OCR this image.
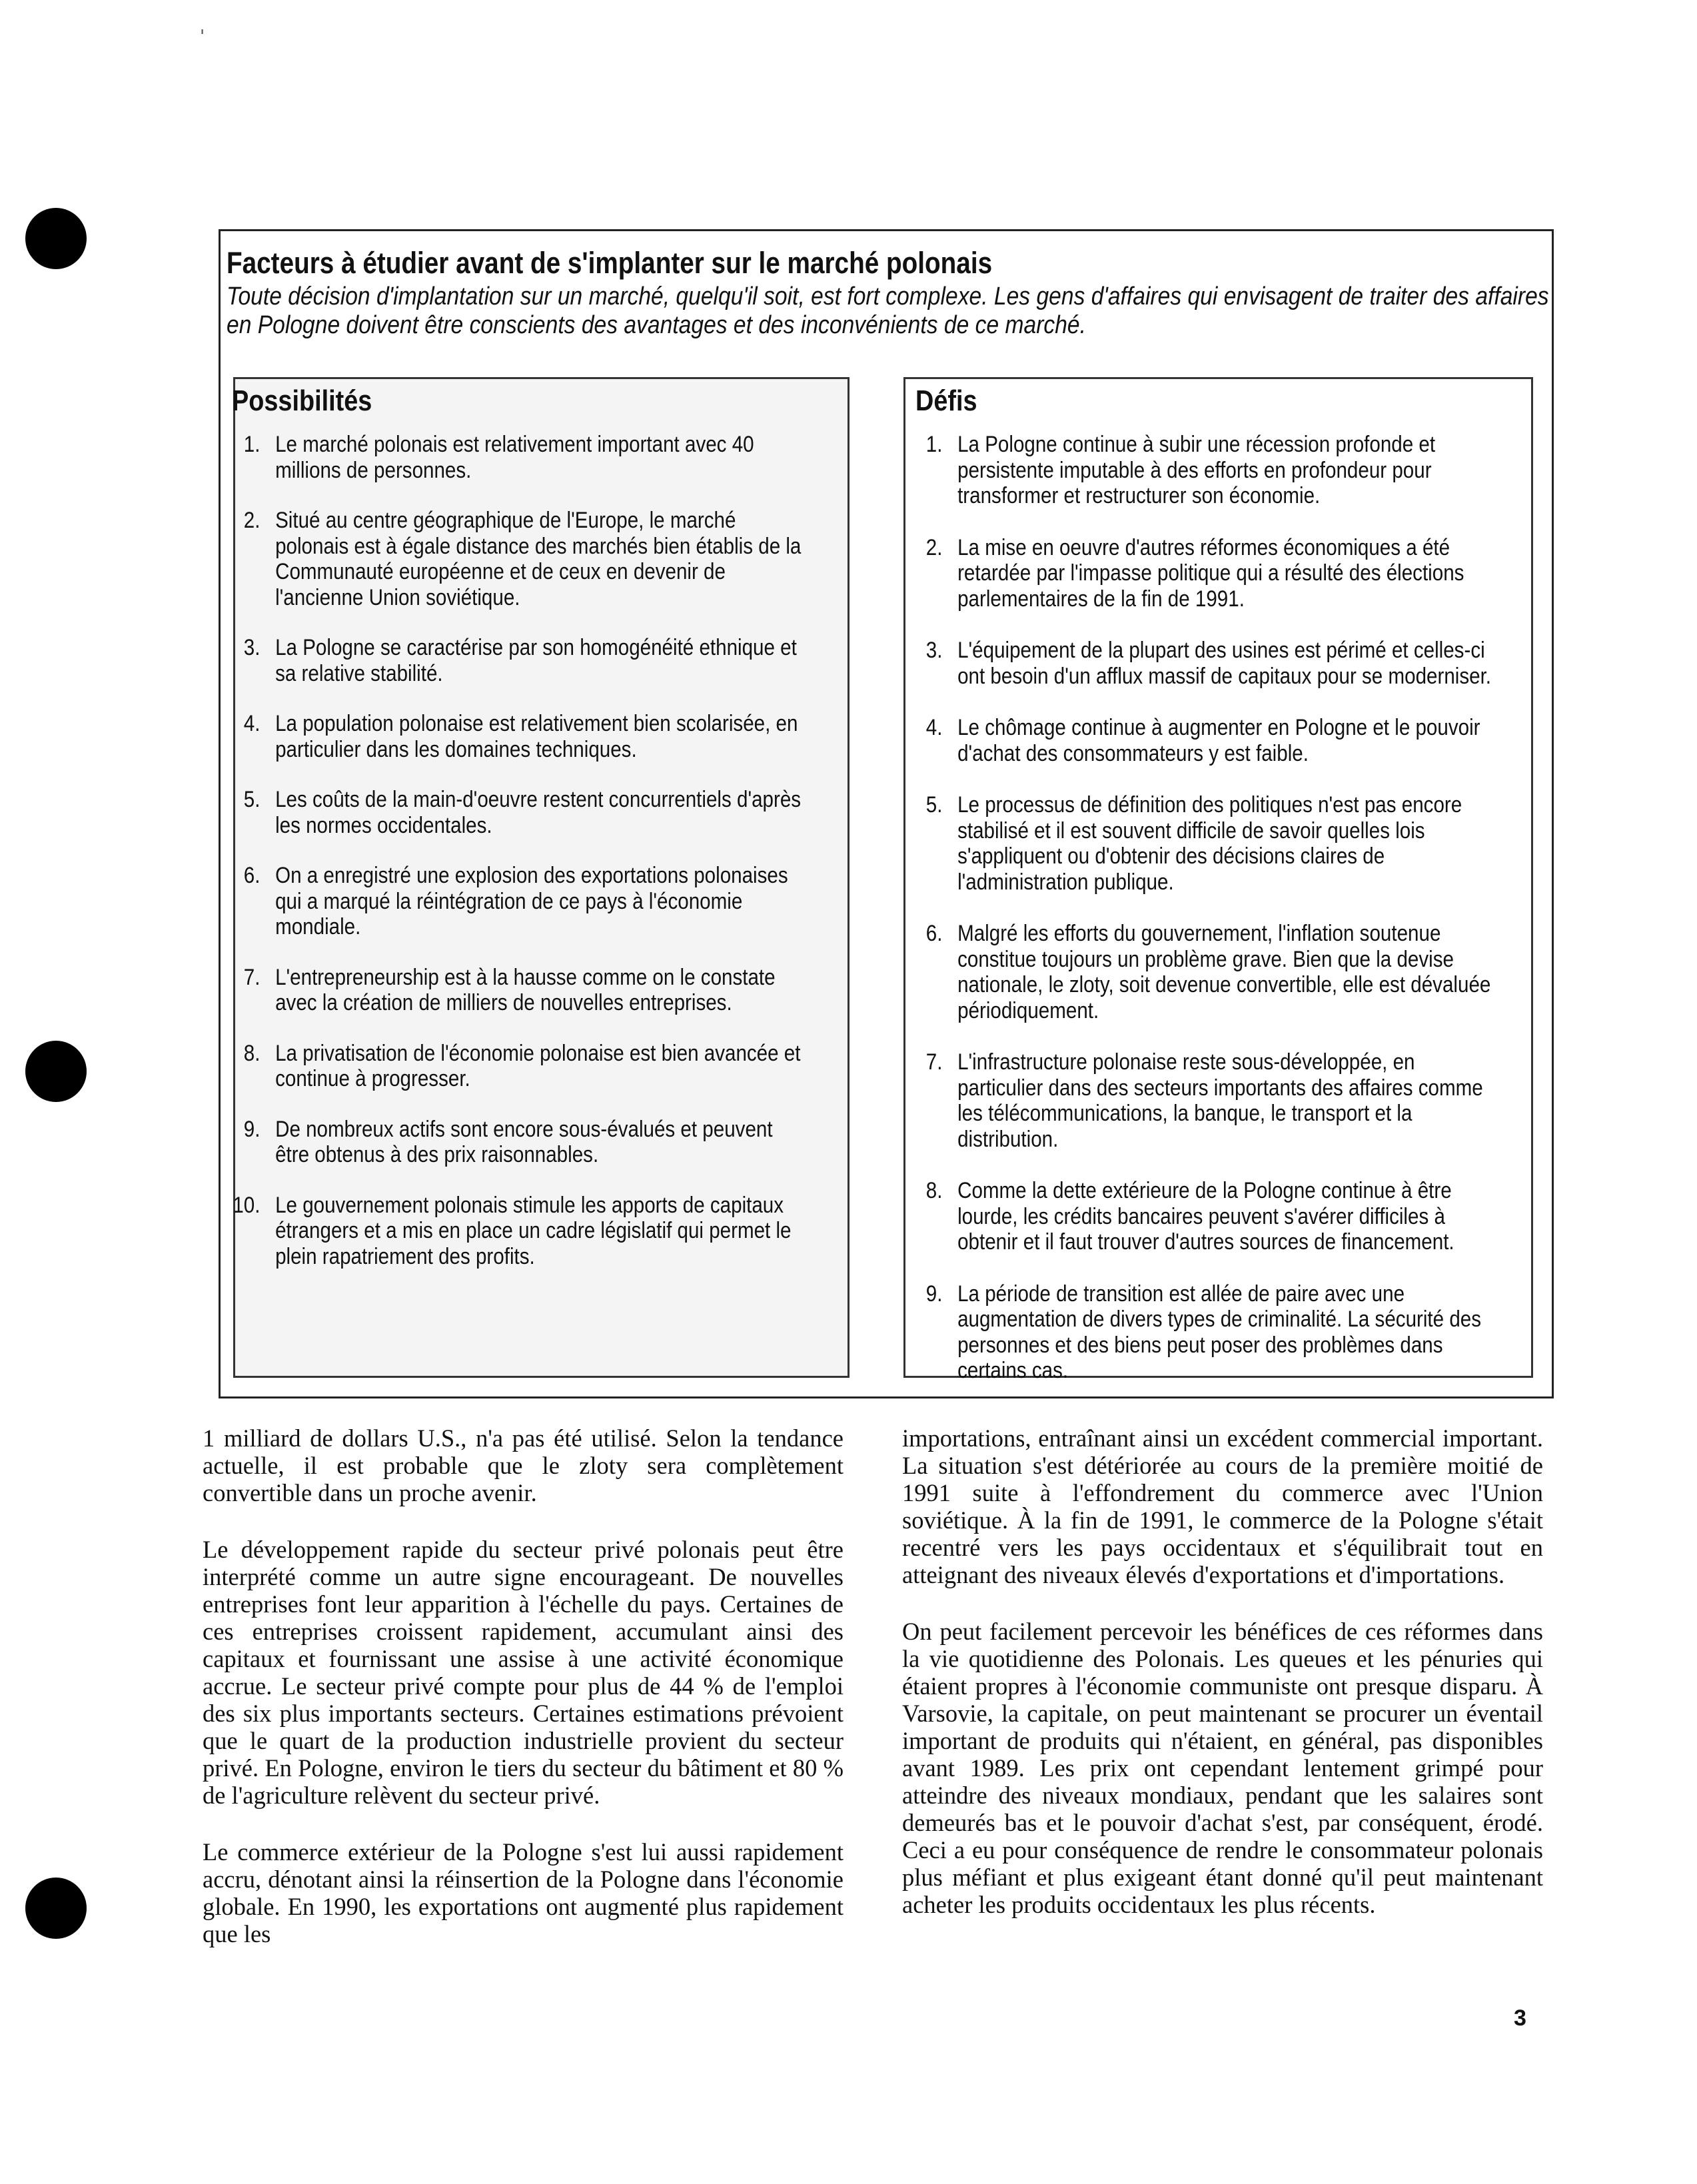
'
Facteurs à étudier avant de s'implanter sur le marché polonais
Toute décision d'implantation sur un marché, quelqu'il soit, est fort complexe. Les gens d'affaires qui envisagent de traiter des affaires en Pologne doivent être conscients des avantages et des inconvénients de ce marché.
Possibilités	Défis
1. Le marché polonais est relativement important avec 40 millions de personnes.
2. Situé au centre géographique de l'Europe, le marché polonais est à égale distance des marchés bien établis de la Communauté européenne et de ceux en devenir de l'ancienne Union soviétique.
3. La Pologne se caractérise par son homogénéité ethnique et sa relative stabilité.
4. La population polonaise est relativement bien scolarisée, en particulier dans les domaines techniques.
5. Les coûts de la main-d'oeuvre restent concurrentiels d'après les normes occidentales.
6. On a enregistré une explosion des exportations polonaises qui a marqué la réintégration de ce pays à l'économie mondiale.
7. L'entrepreneurship est à la hausse comme on le constate avec la création de milliers de nouvelles entreprises.
8. La privatisation de l'économie polonaise est bien avancée et continue à progresser.
9. De nombreux actifs sont encore sous-évalués et peuvent être obtenus à des prix raisonnables.
10. Le gouvernement polonais stimule les apports de capitaux étrangers et a mis en place un cadre législatif qui permet le plein rapatriement des profits.
1. La Pologne continue à subir une récession profonde et persistente imputable à des efforts en profondeur pour transformer et restructurer son économie.
2. La mise en oeuvre d'autres réformes économiques a été retardée par l'impasse politique qui a résulté des élections parlementaires de la fin de 1991.
3. L'équipement de la plupart des usines est périmé et celles-ci ont besoin d'un afflux massif de capitaux pour se moderniser.
4. Le chômage continue à augmenter en Pologne et le pouvoir d'achat des consommateurs y est faible.
5. Le processus de définition des politiques n'est pas encore stabilisé et il est souvent difficile de savoir quelles lois s'appliquent ou d'obtenir des décisions claires de l'administration publique.
6. Malgré les efforts du gouvernement, l'inflation soutenue constitue toujours un problème grave. Bien que la devise nationale, le zloty, soit devenue convertible, elle est dévaluée périodiquement.
7. L'infrastructure polonaise reste sous-développée, en particulier dans des secteurs importants des affaires comme les télécommunications, la banque, le transport et la distribution.
8. Comme la dette extérieure de la Pologne continue à être lourde, les crédits bancaires peuvent s'avérer difficiles à obtenir et il faut trouver d'autres sources de financement.
9. La période de transition est allée de paire avec une augmentation de divers types de criminalité. La sécurité des personnes et des biens peut poser des problèmes dans certains cas.

1 milliard de dollars U.S., n'a pas été utilisé. Selon la tendance actuelle, il est probable que le zloty sera complètement convertible dans un proche avenir.

Le développement rapide du secteur privé polonais peut être interprété comme un autre signe encourageant. De nouvelles entreprises font leur apparition à l'échelle du pays. Certaines de ces entreprises croissent rapidement, accumulant ainsi des capitaux et fournissant une assise à une activité économique accrue. Le secteur privé compte pour plus de 44 % de l'emploi des six plus importants secteurs. Certaines estimations prévoient que le quart de la production industrielle provient du secteur privé. En Pologne, environ le tiers du secteur du bâtiment et 80 % de l'agriculture relèvent du secteur privé.

Le commerce extérieur de la Pologne s'est lui aussi rapidement accru, dénotant ainsi la réinsertion de la Pologne dans l'économie globale. En 1990, les exportations ont augmenté plus rapidement que les

importations, entraînant ainsi un excédent commercial important. La situation s'est détériorée au cours de la première moitié de 1991 suite à l'effondrement du commerce avec l'Union soviétique. À la fin de 1991, le commerce de la Pologne s'était recentré vers les pays occidentaux et s'équilibrait tout en atteignant des niveaux élevés d'exportations et d'importations.

On peut facilement percevoir les bénéfices de ces réformes dans la vie quotidienne des Polonais. Les queues et les pénuries qui étaient propres à l'économie communiste ont presque disparu. À Varsovie, la capitale, on peut maintenant se procurer un éventail important de produits qui n'étaient, en général, pas disponibles avant 1989. Les prix ont cependant lentement grimpé pour atteindre des niveaux mondiaux, pendant que les salaires sont demeurés bas et le pouvoir d'achat s'est, par conséquent, érodé. Ceci a eu pour conséquence de rendre le consommateur polonais plus méfiant et plus exigeant étant donné qu'il peut maintenant acheter les produits occidentaux les plus récents.

3
